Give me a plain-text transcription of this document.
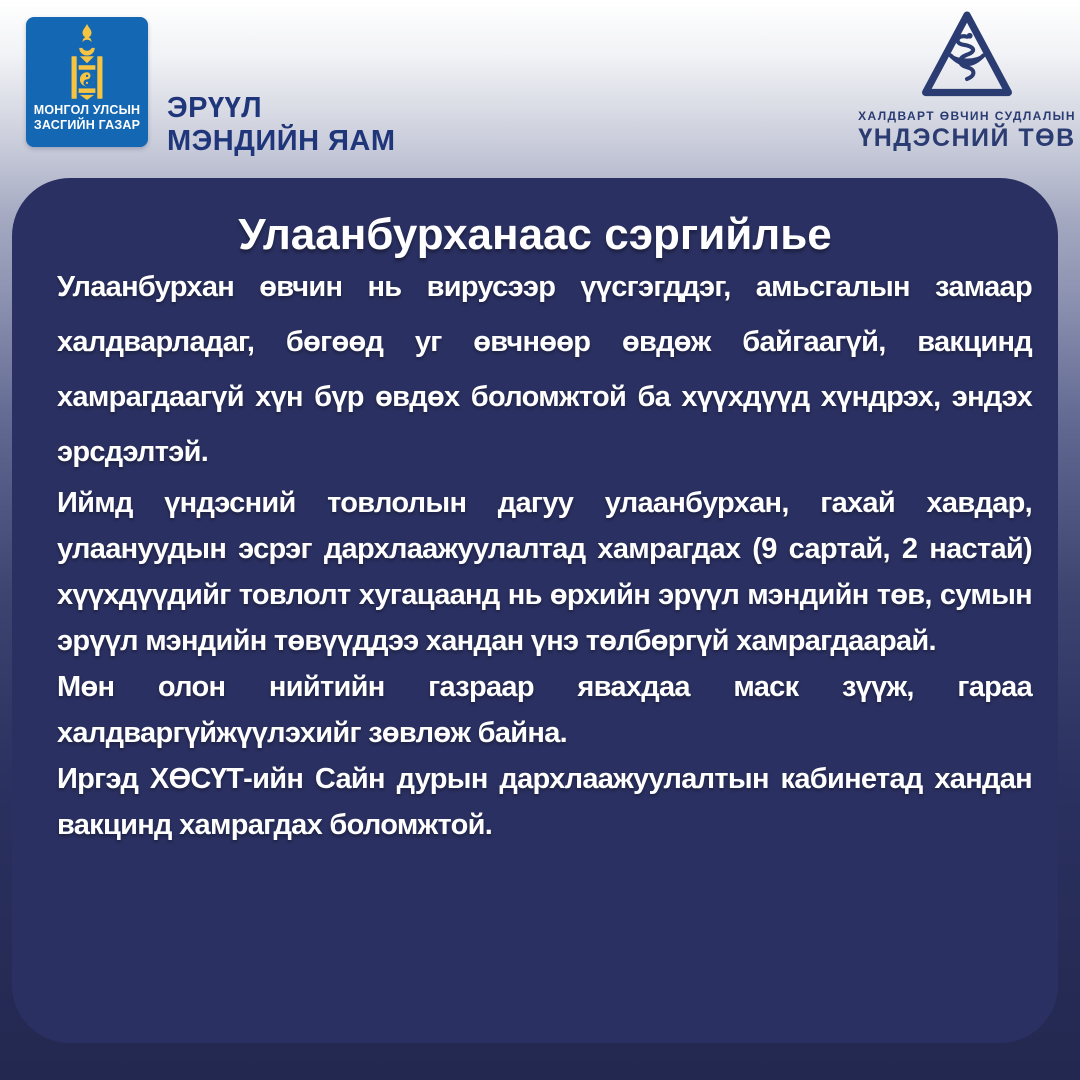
МОНГОЛ УЛСЫН
ЗАСГИЙН ГАЗАР
ЭРҮҮЛ
МЭНДИЙН ЯАМ
ХАЛДВАРТ ӨВЧИН СУДЛАЛЫН
ҮНДЭСНИЙ ТӨВ
Улаанбурханаас сэргийлье

Улаанбурхан өвчин нь вирусээр үүсгэгддэг, амьсгалын замаар халдварладаг, бөгөөд уг өвчнөөр өвдөж байгаагүй, вакцинд хамрагдаагүй хүн бүр өвдөх боломжтой ба хүүхдүүд хүндрэх, эндэх эрсдэлтэй.

Иймд үндэсний товлолын дагуу улаанбурхан, гахай хавдар, улаануудын эсрэг дархлаажуулалтад хамрагдах (9 сартай, 2 настай) хүүхдүүдийг товлолт хугацаанд нь өрхийн эрүүл мэндийн төв, сумын эрүүл мэндийн төвүүддээ хандан үнэ төлбөргүй хамрагдаарай.

Мөн олон нийтийн газраар явахдаа маск зүүж, гараа халдваргүйжүүлэхийг зөвлөж байна.

Иргэд ХӨСҮТ-ийн Сайн дурын дархлаажуулалтын кабинетад хандан вакцинд хамрагдах боломжтой.
